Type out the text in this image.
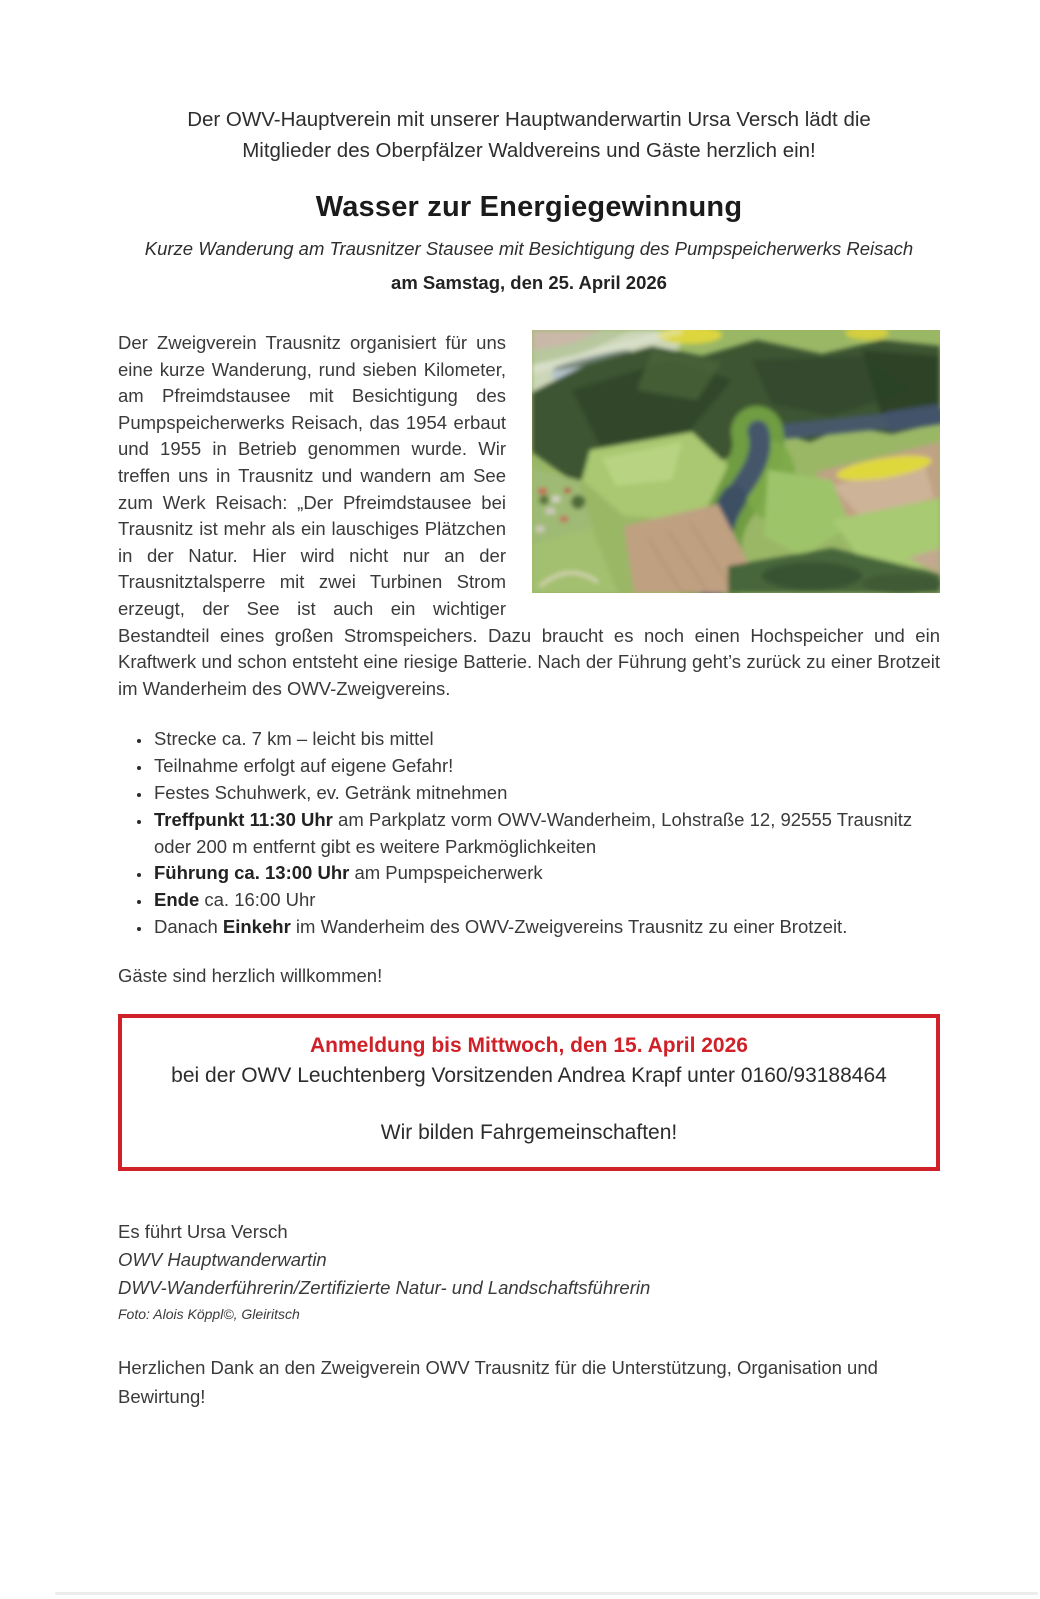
Der OWV-Hauptverein mit unserer Hauptwanderwartin Ursa Versch lädt die
Mitglieder des Oberpfälzer Waldvereins und Gäste herzlich ein!
Wasser zur Energiegewinnung
Kurze Wanderung am Trausnitzer Stausee mit Besichtigung des Pumpspeicherwerks Reisach
am Samstag, den 25. April 2026

Der Zweigverein Trausnitz organisiert für uns eine kurze Wanderung, rund sieben Kilometer, am Pfreimdstausee mit Besichtigung des Pumpspeicherwerks Reisach, das 1954 erbaut und 1955 in Betrieb genommen wurde. Wir treffen uns in Trausnitz und wandern am See zum Werk Reisach: „Der Pfreimdstausee bei Trausnitz ist mehr als ein lauschiges Plätzchen in der Natur. Hier wird nicht nur an der Trausnitztalsperre mit zwei Turbinen Strom erzeugt, der See ist auch ein wichtiger Bestandteil eines großen Stromspeichers. Dazu braucht es noch einen Hochspeicher und ein Kraftwerk und schon entsteht eine riesige Batterie. Nach der Führung geht’s zurück zu einer Brotzeit im Wanderheim des OWV-Zweigvereins.

• Strecke ca. 7 km – leicht bis mittel
• Teilnahme erfolgt auf eigene Gefahr!
• Festes Schuhwerk, ev. Getränk mitnehmen
• Treffpunkt 11:30 Uhr am Parkplatz vorm OWV-Wanderheim, Lohstraße 12, 92555 Trausnitz oder 200 m entfernt gibt es weitere Parkmöglichkeiten
• Führung ca. 13:00 Uhr am Pumpspeicherwerk
• Ende ca. 16:00 Uhr
• Danach Einkehr im Wanderheim des OWV-Zweigvereins Trausnitz zu einer Brotzeit.
Gäste sind herzlich willkommen!
Anmeldung bis Mittwoch, den 15. April 2026
bei der OWV Leuchtenberg Vorsitzenden Andrea Krapf unter 0160/93188464
Wir bilden Fahrgemeinschaften!
Es führt Ursa Versch
OWV Hauptwanderwartin
DWV-Wanderführerin/Zertifizierte Natur- und Landschaftsführerin
Foto: Alois Köppl©, Gleiritsch
Herzlichen Dank an den Zweigverein OWV Trausnitz für die Unterstützung, Organisation und Bewirtung!
